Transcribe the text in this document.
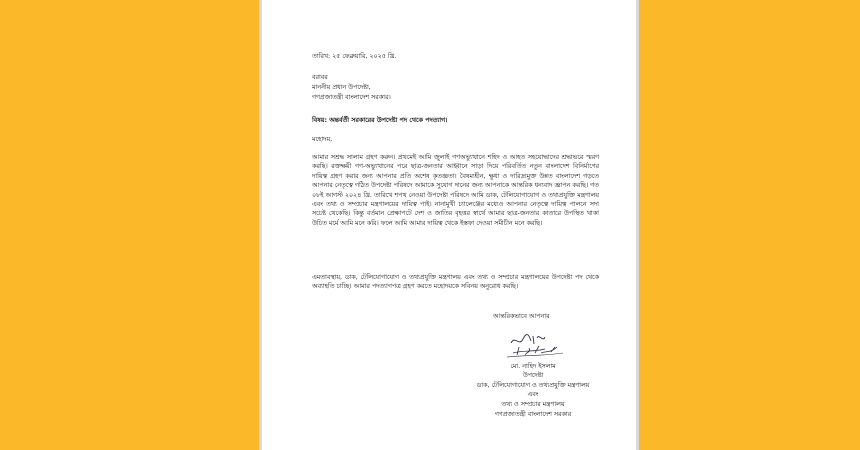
তারিখ: ২৫ ফেব্রুয়ারি, ২০২৫ খ্রি.
বরাবর
মাননীয় প্রধান উপদেষ্টা,
গণপ্রজাতন্ত্রী বাংলাদেশ সরকার।
বিষয়: অন্তর্বর্তী সরকারের উপদেষ্টা পদ থেকে পদত্যাগ।
মহোদয়,
আমার সশ্রদ্ধ সালাম গ্রহণ করুন। প্রথমেই আমি জুলাই গণঅভ্যুত্থানে শহিদ ও আহত সহযোদ্ধাদের শ্রদ্ধাভরে স্মরণ করছি। রক্তক্ষয়ী গণ-অভ্যুত্থানের পরে ছাত্র-জনতার আহ্বানে সাড়া দিয়ে পরিবর্তিত নতুন বাংলাদেশ বিনির্মাণের দায়িত্ব গ্রহণ করার জন্য আপনার প্রতি অশেষ কৃতজ্ঞতা। বৈষম্যহীন, ক্ষুধা ও দারিদ্র্যমুক্ত উন্নত বাংলাদেশ গড়তে আপনার নেতৃত্বে গঠিত উপদেষ্টা পরিষদে আমাকে সুযোগ দানের জন্য আপনাকে আন্তরিক ধন্যবাদ জ্ঞাপন করছি। গত ০৮ই আগস্ট ২০২৪ খ্রি. তারিখে শপথ নেওয়া উপদেষ্টা পরিষদে আমি ডাক, টেলিযোগাযোগ ও তথ্যপ্রযুক্তি মন্ত্রণালয় এবং তথ্য ও সম্প্রচার মন্ত্রণালয়ের দায়িত্ব পাই। নানামুখী চ্যালেঞ্জের মধ্যেও আপনার নেতৃত্বে দায়িত্ব পালনে সদা সচেষ্ট থেকেছি। কিন্তু বর্তমান প্রেক্ষাপটে দেশ ও জাতির বৃহত্তর স্বার্থে আমার ছাত্র-জনতার কাতারে উপস্থিত থাকা উচিত মর্মে আমি মনে করি। ফলে আমি আমার দায়িত্ব থেকে ইস্তফা দেওয়া সমীচীন মনে করছি।
এমতাবস্থায়, ডাক, টেলিযোগাযোগ ও তথ্যপ্রযুক্তি মন্ত্রণালয় এবং তথ্য ও সম্প্রচার মন্ত্রণালয়ের উপদেষ্টা পদ থেকে অব্যাহতি চাচ্ছি। আমার পদত্যাগপত্র গ্রহণ করতে মহোদয়কে সবিনয় অনুরোধ করছি।
আন্তরিকভাবে আপনার
মো. নাহিদ ইসলাম
উপদেষ্টা
ডাক, টেলিযোগাযোগ ও তথ্যপ্রযুক্তি মন্ত্রণালয়
এবং
তথ্য ও সম্প্রচার মন্ত্রণালয়
গণপ্রজাতন্ত্রী বাংলাদেশ সরকার
